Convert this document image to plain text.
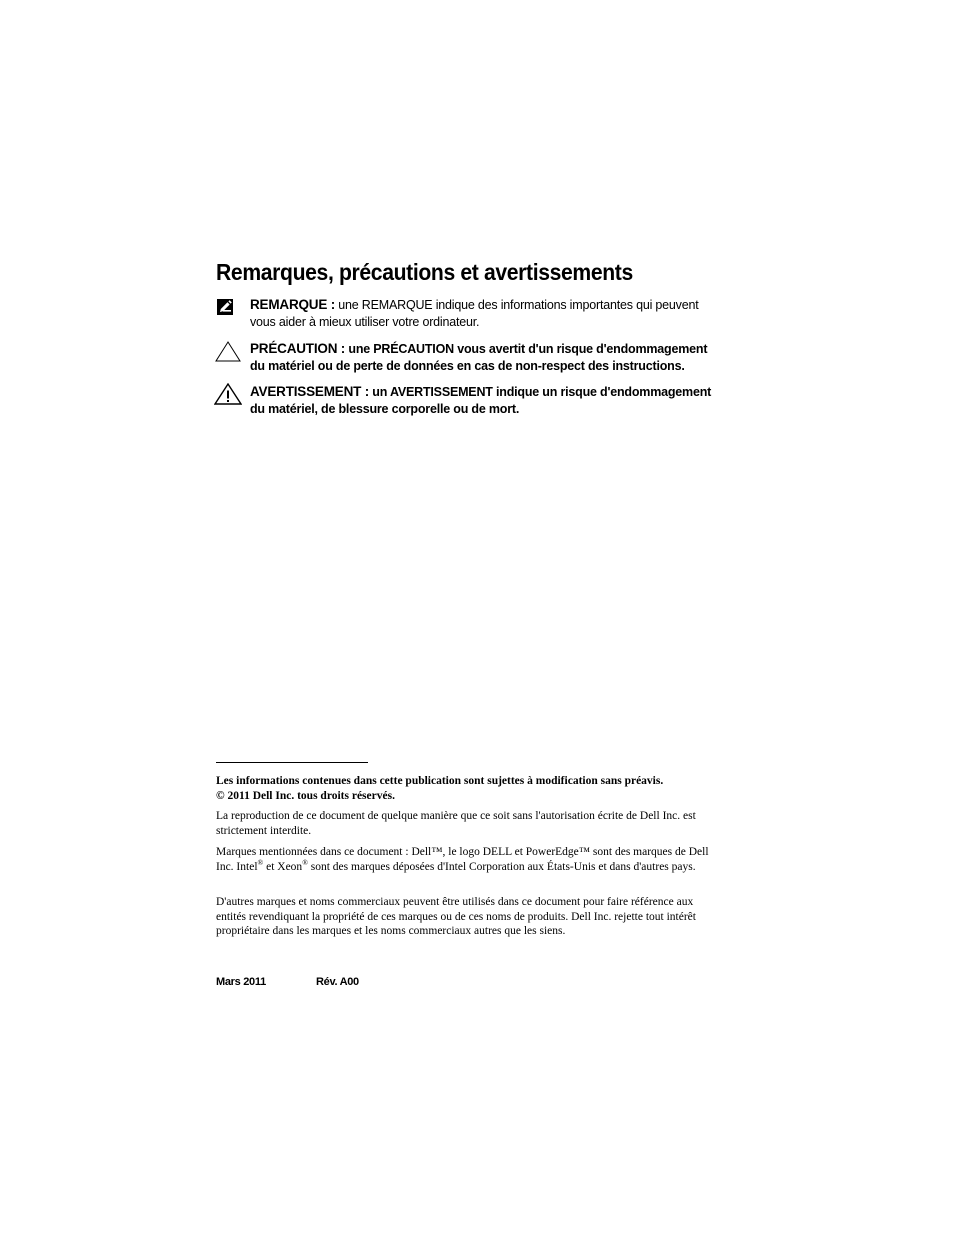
Remarques, précautions et avertissements
REMARQUE : une REMARQUE indique des informations importantes qui peuvent vous aider à mieux utiliser votre ordinateur.
PRÉCAUTION : une PRÉCAUTION vous avertit d'un risque d'endommagement du matériel ou de perte de données en cas de non-respect des instructions.
AVERTISSEMENT : un AVERTISSEMENT indique un risque d'endommagement du matériel, de blessure corporelle ou de mort.

Les informations contenues dans cette publication sont sujettes à modification sans préavis.
© 2011 Dell Inc. tous droits réservés.

La reproduction de ce document de quelque manière que ce soit sans l'autorisation écrite de Dell Inc. est strictement interdite.

Marques mentionnées dans ce document : Dell™, le logo DELL et PowerEdge™ sont des marques de Dell Inc. Intel® et Xeon® sont des marques déposées d'Intel Corporation aux États-Unis et dans d'autres pays.

D'autres marques et noms commerciaux peuvent être utilisés dans ce document pour faire référence aux entités revendiquant la propriété de ces marques ou de ces noms de produits. Dell Inc. rejette tout intérêt propriétaire dans les marques et les noms commerciaux autres que les siens.

Mars 2011	Rév. A00
